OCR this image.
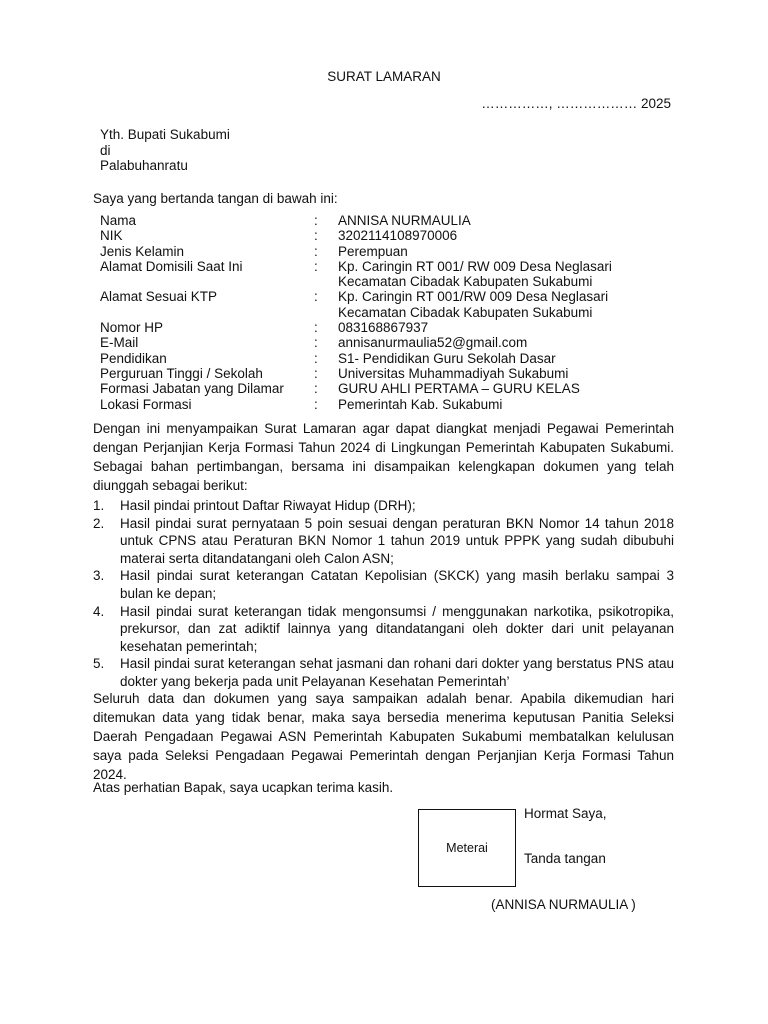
SURAT LAMARAN
……………, ……………… 2025
Yth. Bupati Sukabumi
di
Palabuhanratu
Saya yang bertanda tangan di bawah ini:
Nama	:	ANNISA NURMAULIA
NIK	:	3202114108970006
Jenis Kelamin	:	Perempuan
Alamat Domisili Saat Ini	:	Kp. Caringin RT 001/ RW 009 Desa Neglasari
Kecamatan Cibadak Kabupaten Sukabumi
Alamat Sesuai KTP	:	Kp. Caringin RT 001/RW 009 Desa Neglasari
Kecamatan Cibadak Kabupaten Sukabumi
Nomor HP	:	083168867937
E-Mail	:	annisanurmaulia52@gmail.com
Pendidikan	:	S1- Pendidikan Guru Sekolah Dasar
Perguruan Tinggi / Sekolah	:	Universitas Muhammadiyah Sukabumi
Formasi Jabatan yang Dilamar	:	GURU AHLI PERTAMA – GURU KELAS
Lokasi Formasi	:	Pemerintah Kab. Sukabumi
Dengan ini menyampaikan Surat Lamaran agar dapat diangkat menjadi Pegawai Pemerintah dengan Perjanjian Kerja Formasi Tahun 2024 di Lingkungan Pemerintah Kabupaten Sukabumi. Sebagai bahan pertimbangan, bersama ini disampaikan kelengkapan dokumen yang telah diunggah sebagai berikut:
1.	Hasil pindai printout Daftar Riwayat Hidup (DRH);
2.	Hasil pindai surat pernyataan 5 poin sesuai dengan peraturan BKN Nomor 14 tahun 2018 untuk CPNS atau Peraturan BKN Nomor 1 tahun 2019 untuk PPPK yang sudah dibubuhi materai serta ditandatangani oleh Calon ASN;
3.	Hasil pindai surat keterangan Catatan Kepolisian (SKCK) yang masih berlaku sampai 3 bulan ke depan;
4.	Hasil pindai surat keterangan tidak mengonsumsi / menggunakan narkotika, psikotropika, prekursor, dan zat adiktif lainnya yang ditandatangani oleh dokter dari unit pelayanan kesehatan pemerintah;
5.	Hasil pindai surat keterangan sehat jasmani dan rohani dari dokter yang berstatus PNS atau dokter yang bekerja pada unit Pelayanan Kesehatan Pemerintah’
Seluruh data dan dokumen yang saya sampaikan adalah benar. Apabila dikemudian hari ditemukan data yang tidak benar, maka saya bersedia menerima keputusan Panitia Seleksi Daerah Pengadaan Pegawai ASN Pemerintah Kabupaten Sukabumi membatalkan kelulusan saya pada Seleksi Pengadaan Pegawai Pemerintah dengan Perjanjian Kerja Formasi Tahun 2024.
Atas perhatian Bapak, saya ucapkan terima kasih.
Hormat Saya,
Meterai
Tanda tangan
(ANNISA NURMAULIA )
